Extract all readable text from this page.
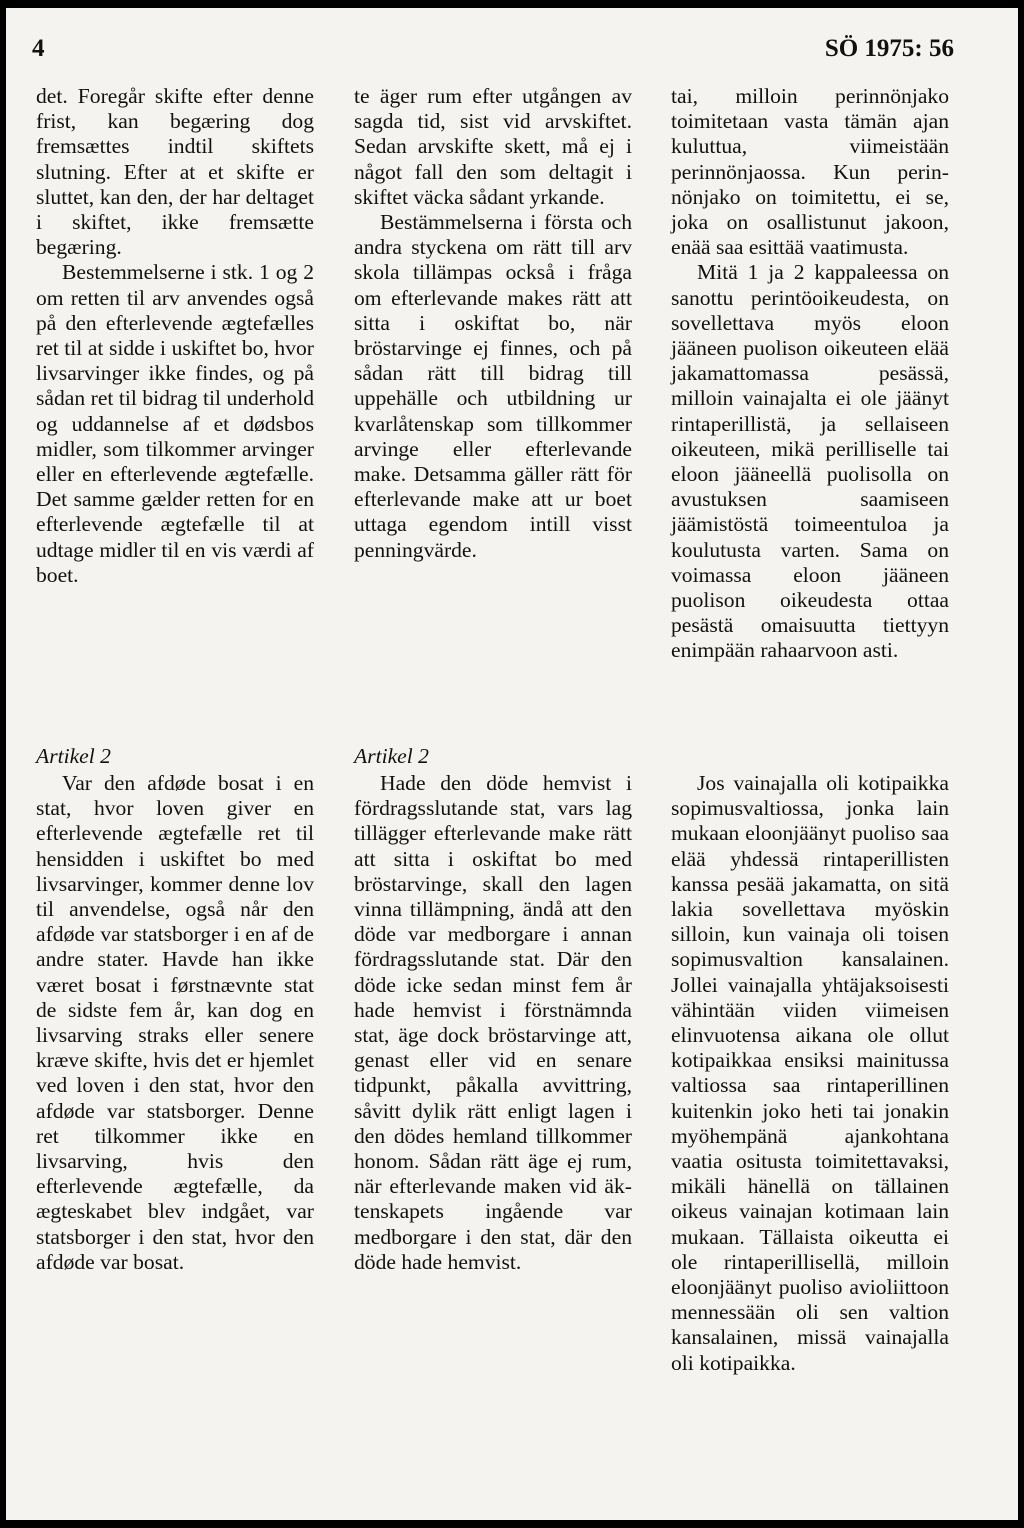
4	SÖ 1975: 56

det. Foregår skifte efter denne frist, kan begæring dog fremsættes indtil skiftets slutning. Efter at et skifte er sluttet, kan den, der har deltaget i skiftet, ikke fremsætte begæring.

Bestemmelserne i stk. 1 og 2 om retten til arv anvendes også på den efterlevende ægtefælles ret til at sidde i uskiftet bo, hvor livsarvinger ikke findes, og på sådan ret til bidrag til underhold og uddannelse af et dødsbos midler, som tilkommer arvinger eller en efterlevende ægtefælle. Det samme gælder retten for en efterlevende ægtefælle til at udtage midler til en vis værdi af boet.

te äger rum efter utgången av sagda tid, sist vid arvskiftet. Sedan arvskifte skett, må ej i något fall den som deltagit i skiftet väcka sådant yrkande.

Bestämmelserna i första och andra styckena om rätt till arv skola tillämpas också i fråga om efterlevande makes rätt att sitta i oskiftat bo, när bröstarvinge ej finnes, och på sådan rätt till bidrag till uppehälle och utbildning ur kvarlåtenskap som tillkommer arvinge eller efterlevande make. Detsamma gäller rätt för efterlevande make att ur boet uttaga egendom intill visst penningvärde.

tai, milloin perinnönjako toimitetaan vasta tämän ajan kuluttua, viimeistään perinnönjaossa. Kun perinnönjako on toimitettu, ei se, joka on osallistunut jakoon, enää saa esittää vaatimusta.

Mitä 1 ja 2 kappaleessa on sanottu perintöoikeudesta, on sovellettava myös eloon jääneen puolison oikeuteen elää jakamattomassa pesässä, milloin vainajalta ei ole jäänyt rintaperillistä, ja sellaiseen oikeuteen, mikä perilliselle tai eloon jääneellä puolisolla on avustuksen saamiseen jäämistöstä toimeentuloa ja koulutusta varten. Sama on voimassa eloon jääneen puolison oikeudesta ottaa pesästä omaisuutta tiettyyn enimpään rahaarvoon asti.

Artikel 2

Var den afdøde bosat i en stat, hvor loven giver en efterlevende ægtefælle ret til hensidden i uskiftet bo med livsarvinger, kommer denne lov til anvendelse, også når den afdøde var statsborger i en af de andre stater. Havde han ikke været bosat i førstnævnte stat de sidste fem år, kan dog en livsarving straks eller senere kræve skifte, hvis det er hjemlet ved loven i den stat, hvor den afdøde var statsborger. Denne ret tilkommer ikke en livsarving, hvis den efterlevende ægtefælle, da ægteskabet blev indgået, var statsborger i den stat, hvor den afdøde var bosat.

Artikel 2

Hade den döde hemvist i fördragsslutande stat, vars lag tillägger efterlevande make rätt att sitta i oskiftat bo med bröstarvinge, skall den lagen vinna tillämpning, ändå att den döde var medborgare i annan fördragsslutande stat. Där den döde icke sedan minst fem år hade hemvist i förstnämnda stat, äge dock bröstarvinge att, genast eller vid en senare tidpunkt, påkalla avvittring, såvitt dylik rätt enligt lagen i den dödes hemland tillkommer honom. Sådan rätt äge ej rum, när efterlevande maken vid äktenskapets ingående var medborgare i den stat, där den döde hade hemvist.

Jos vainajalla oli kotipaikka sopimusvaltiossa, jonka lain mukaan eloonjäänyt puoliso saa elää yhdessä rintaperillisten kanssa pesää jakamatta, on sitä lakia sovellettava myöskin silloin, kun vainaja oli toisen sopimusvaltion kansalainen. Jollei vainajalla yhtäjaksoisesti vähintään viiden viimeisen elinvuotensa aikana ole ollut kotipaikkaa ensiksi mainitussa valtiossa saa rintaperillinen kuitenkin joko heti tai jonakin myöhempänä ajankohtana vaatia ositusta toimitettavaksi, mikäli hänellä on tällainen oikeus vainajan kotimaan lain mukaan. Tällaista oikeutta ei ole rintaperillisellä, milloin eloonjäänyt puoliso avioliittoon mennessään oli sen valtion kansalainen, missä vainajalla oli kotipaikka.
